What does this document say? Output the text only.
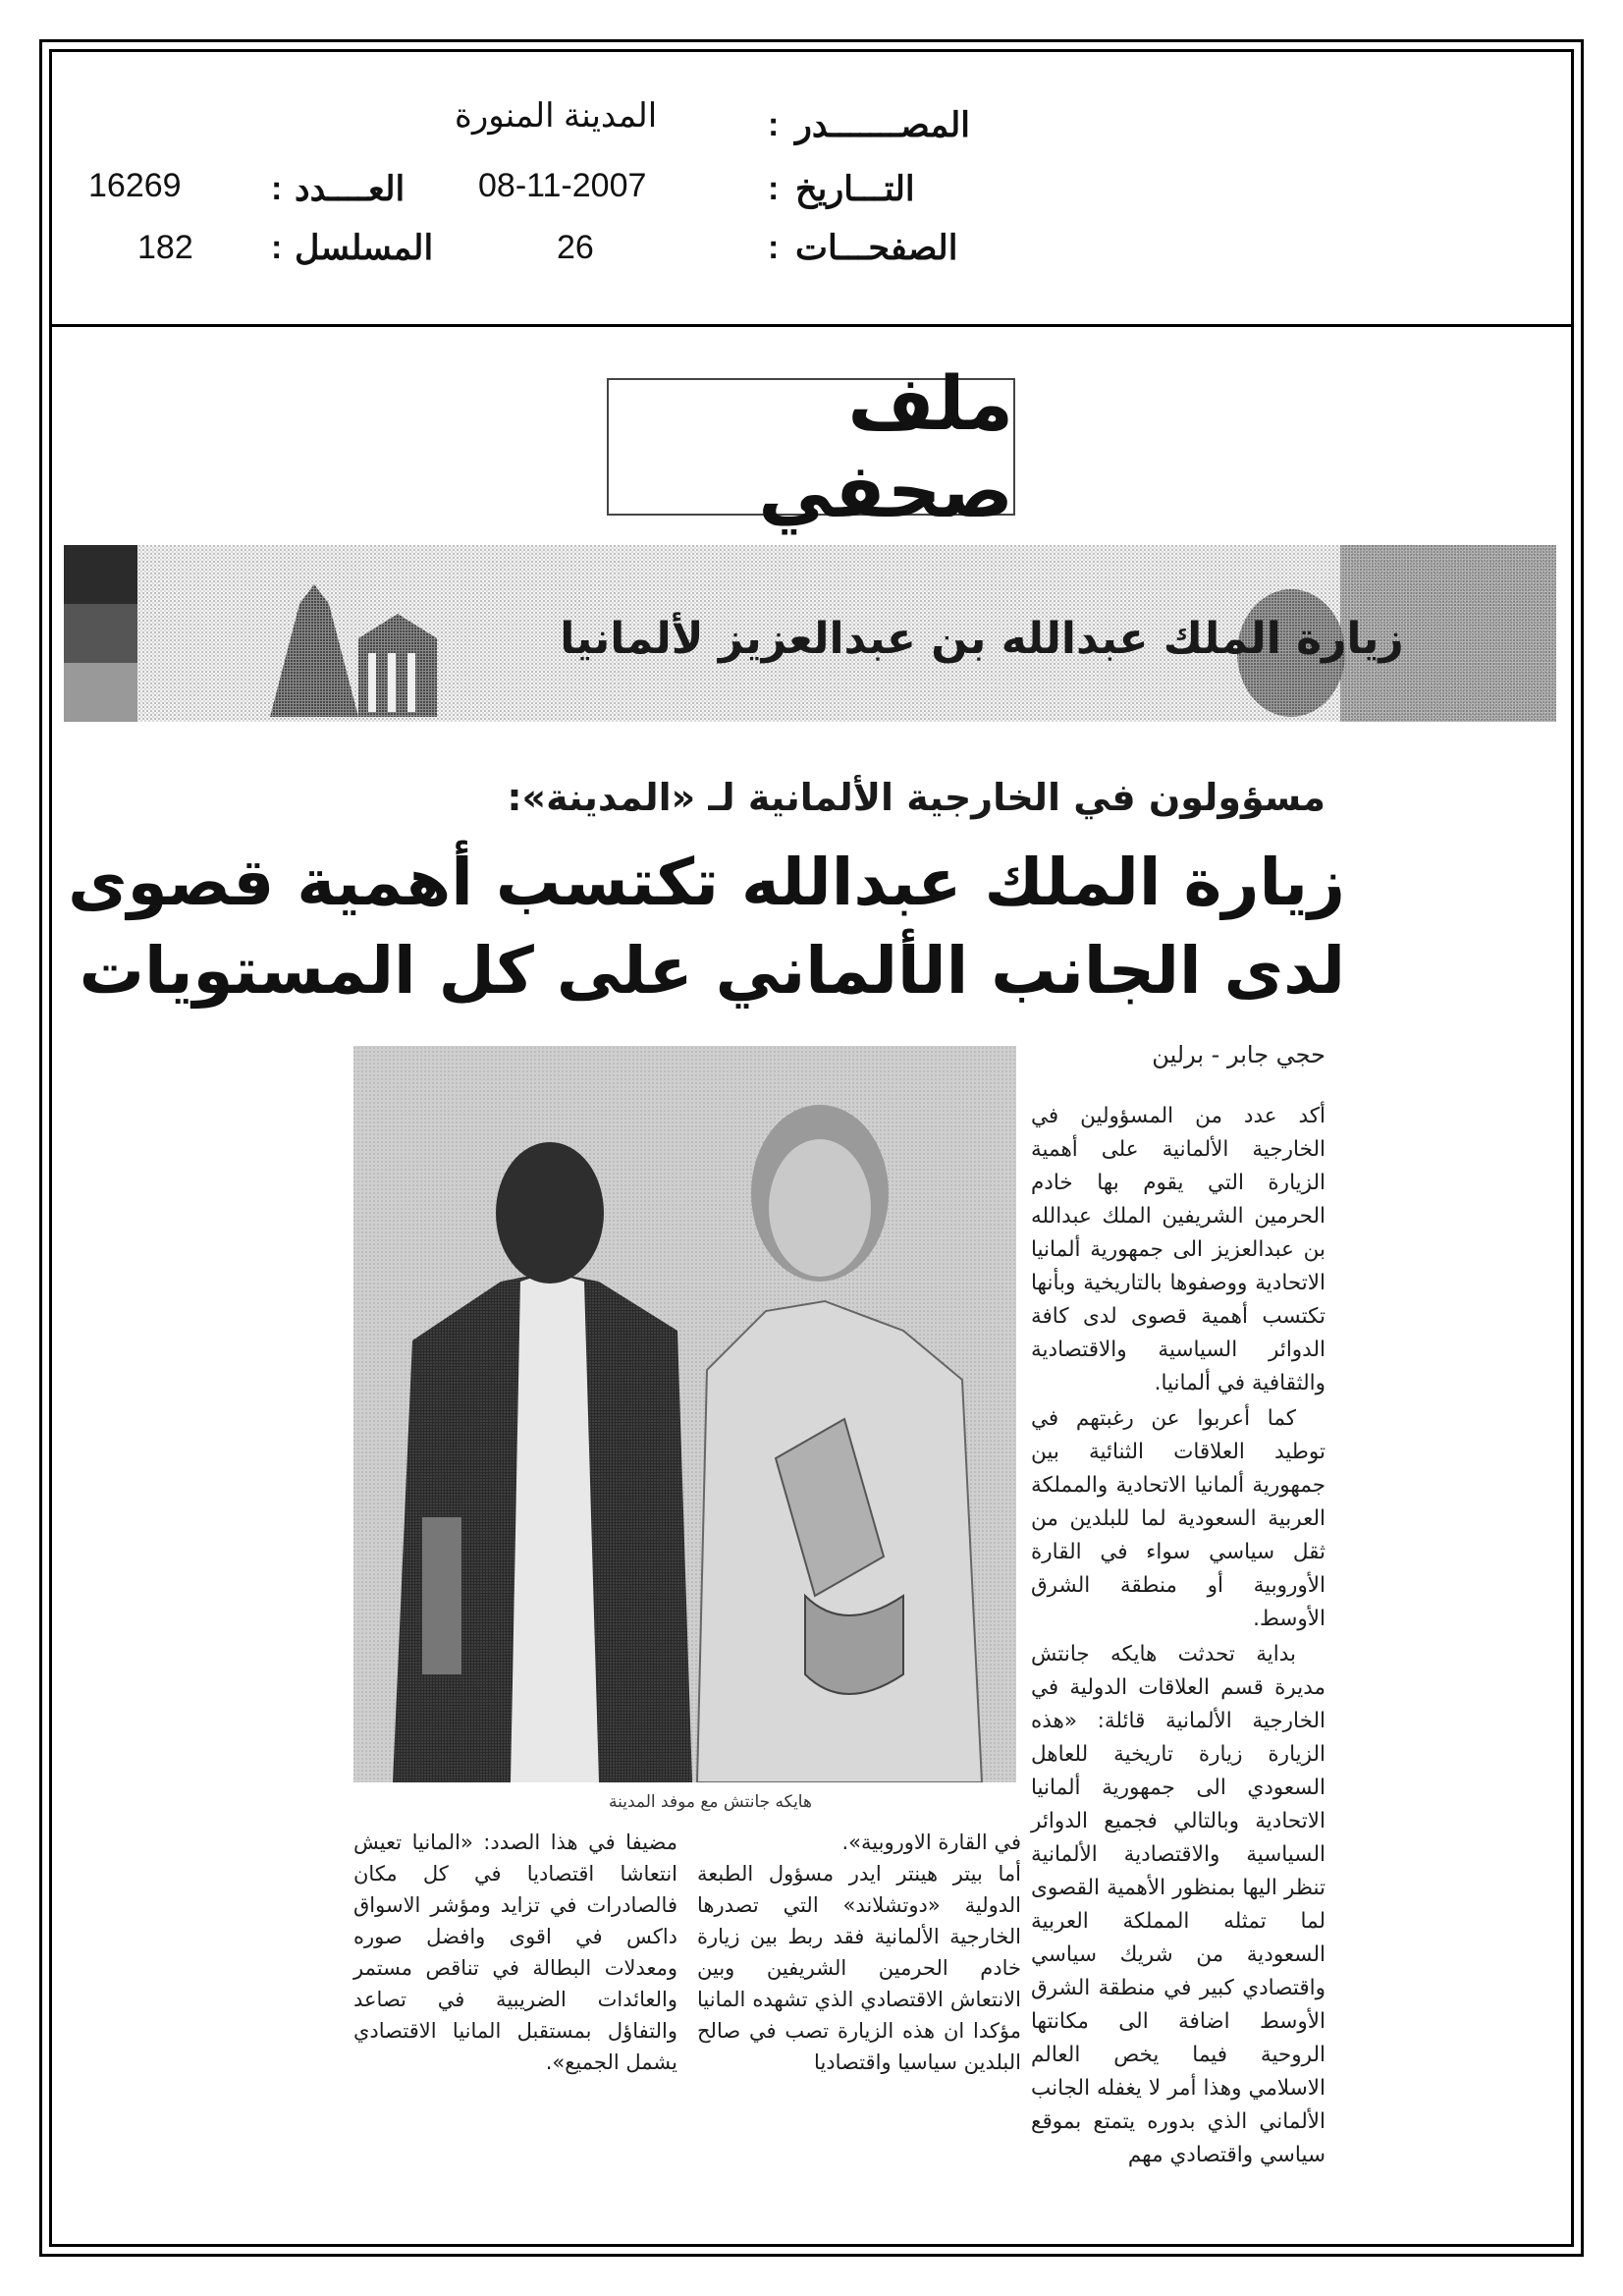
المصـــــــدر
:
المدينة المنورة
التـــاريخ
:
08-11-2007
الصفحـــات
:
26
العــــدد
:
16269
المسلسل
:
182
ملف صحفي
زيارة الملك عبدالله بن عبدالعزيز لألمانيا
مسؤولون في الخارجية الألمانية لـ «المدينة»:
زيارة الملك عبدالله تكتسب أهمية قصوى
لدى الجانب الألماني على كل المستويات
حجي جابر - برلين

أكد عدد من المسؤولين في الخارجية الألمانية على أهمية الزيارة التي يقوم بها خادم الحرمين الشريفين الملك عبدالله بن عبدالعزيز الى جمهورية ألمانيا الاتحادية ووصفوها بالتاريخية وبأنها تكتسب أهمية قصوى لدى كافة الدوائر السياسية والاقتصادية والثقافية في ألمانيا.

كما أعربوا عن رغبتهم في توطيد العلاقات الثنائية بين جمهورية ألمانيا الاتحادية والمملكة العربية السعودية لما للبلدين من ثقل سياسي سواء في القارة الأوروبية أو منطقة الشرق الأوسط.

بداية تحدثت هايكه جانتش مديرة قسم العلاقات الدولية في الخارجية الألمانية قائلة: «هذه الزيارة زيارة تاريخية للعاهل السعودي الى جمهورية ألمانيا الاتحادية وبالتالي فجميع الدوائر السياسية والاقتصادية الألمانية تنظر اليها بمنظور الأهمية القصوى لما تمثله المملكة العربية السعودية من شريك سياسي واقتصادي كبير في منطقة الشرق الأوسط اضافة الى مكانتها الروحية فيما يخص العالم الاسلامي وهذا أمر لا يغفله الجانب الألماني الذي بدوره يتمتع بموقع سياسي واقتصادي مهم

هايكه جانتش مع موفد المدينة

في القارة الاوروبية».

أما بيتر هينتر ايدر مسؤول الطبعة الدولية «دوتشلاند» التي تصدرها الخارجية الألمانية فقد ربط بين زيارة خادم الحرمين الشريفين وبين الانتعاش الاقتصادي الذي تشهده المانيا مؤكدا ان هذه الزيارة تصب في صالح البلدين سياسيا واقتصاديا

مضيفا في هذا الصدد: «المانيا تعيش انتعاشا اقتصاديا في كل مكان فالصادرات في تزايد ومؤشر الاسواق داكس في اقوى وافضل صوره ومعدلات البطالة في تناقص مستمر والعائدات الضريبية في تصاعد والتفاؤل بمستقبل المانيا الاقتصادي يشمل الجميع».
